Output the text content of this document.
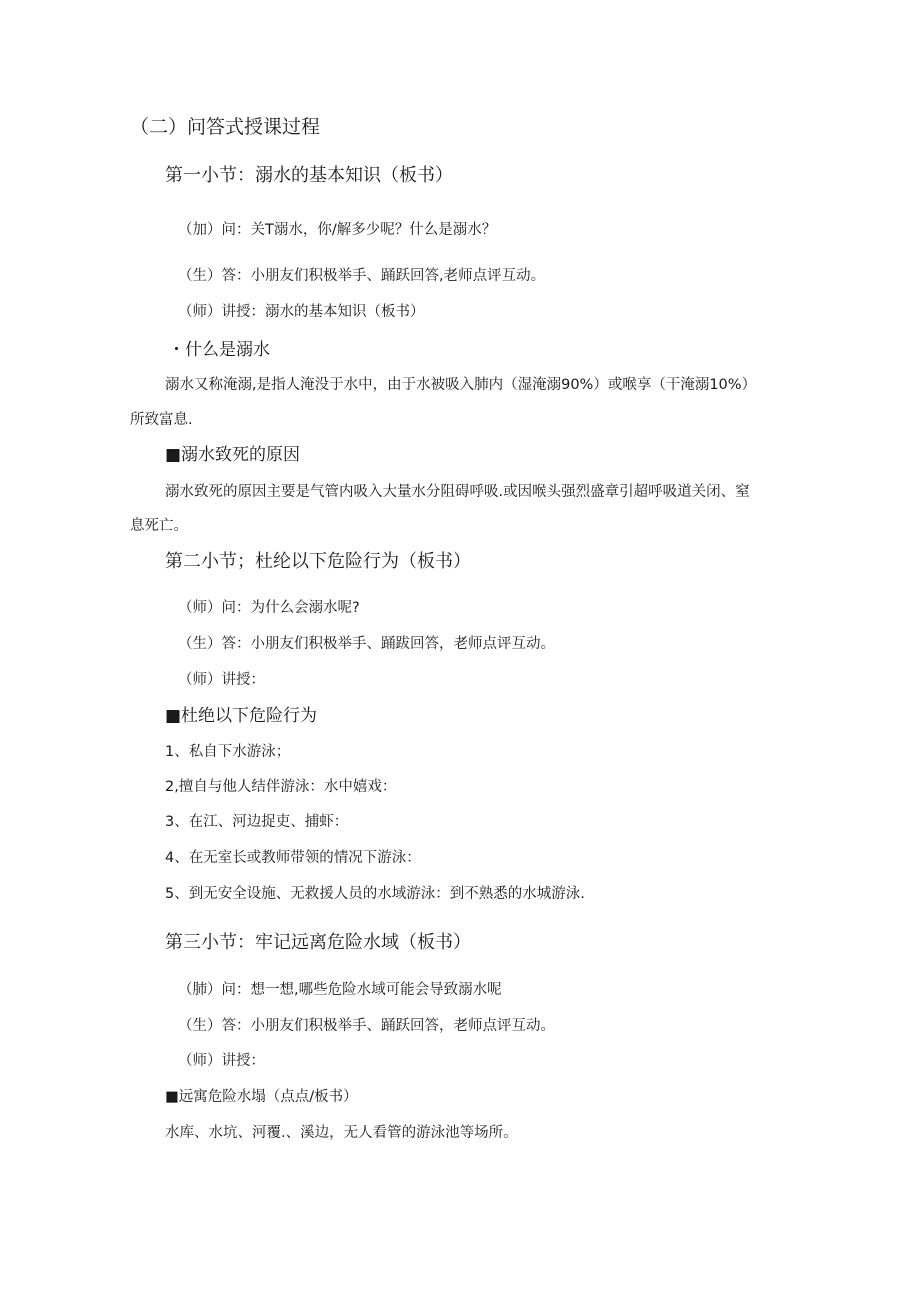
（二）问答式授课过程
第一小节：溺水的基本知识（板书）
（加）问：关T溺水，你/解多少呢？什么是溺水？
（生）答：小朋友们积极举手、踊跃回答,老师点评互动。
（师）讲授：溺水的基本知识（板书）
・什么是溺水
溺水又称淹溺,是指人淹没于水中，由于水被吸入肺内（湿淹溺90%）或喉享（干淹溺10%）
所致富息.
■溺水致死的原因
溺水致死的原因主要是气管内吸入大量水分阻碍呼吸.或因喉头强烈盛章引超呼吸道关闭、窒
息死亡。
第二小节；杜纶以下危险行为（板书）
（师）问：为什么会溺水呢?
（生）答：小朋友们积极举手、踊跋回答，老师点评互动。
（师）讲授：
■杜绝以下危险行为
1、私自下水游泳；
2,擅自与他人结伴游泳：水中嬉戏：
3、在江、河边捉吏、捕虾：
4、在无室长或教师带领的情况下游泳：
5、到无安全设施、无救援人员的水域游泳：到不熟悉的水城游泳.
第三小节：牢记远离危险水域（板书）
（肺）问：想一想,哪些危险水域可能会导致溺水呢
（生）答：小朋友们积极举手、踊跃回答，老师点评互动。
（师）讲授：
■远寓危险水塌（点点/板书）
水库、水坑、河覆.、溪边，无人看管的游泳池等场所。
